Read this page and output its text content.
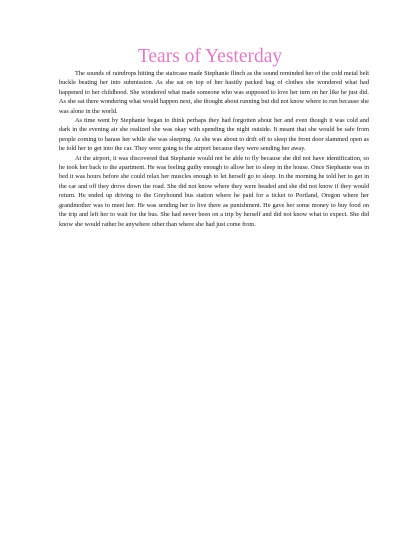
Tears of Yesterday

The sounds of raindrops hitting the staircase made Stephanie flinch as the sound reminded her of the cold metal belt buckle beating her into submission. As she sat on top of her hastily packed bag of clothes she wondered what had happened to her childhood. She wondered what made someone who was supposed to love her turn on her like he just did. As she sat there wondering what would happen next, she thought about running but did not know where to run because she was alone in the world.

As time went by Stephanie began to think perhaps they had forgotten about her and even though it was cold and dark in the evening air she realized she was okay with spending the night outside. It meant that she would be safe from people coming to harass her while she was sleeping. As she was about to drift off to sleep the front door slammed open as he told her to get into the car. They were going to the airport because they were sending her away.

At the airport, it was discovered that Stephanie would not be able to fly because she did not have identification, so he took her back to the apartment. He was feeling guilty enough to allow her to sleep in the house. Once Stephanie was in bed it was hours before she could relax her muscles enough to let herself go to sleep. In the morning he told her to get in the car and off they drove down the road. She did not know where they were headed and she did not know if they would return. He ended up driving to the Greyhound bus station where he paid for a ticket to Portland, Oregon where her grandmother was to meet her. He was sending her to live there as punishment. He gave her some money to buy food on the trip and left her to wait for the bus. She had never been on a trip by herself and did not know what to expect. She did know she would rather be anywhere other than where she had just come from.
